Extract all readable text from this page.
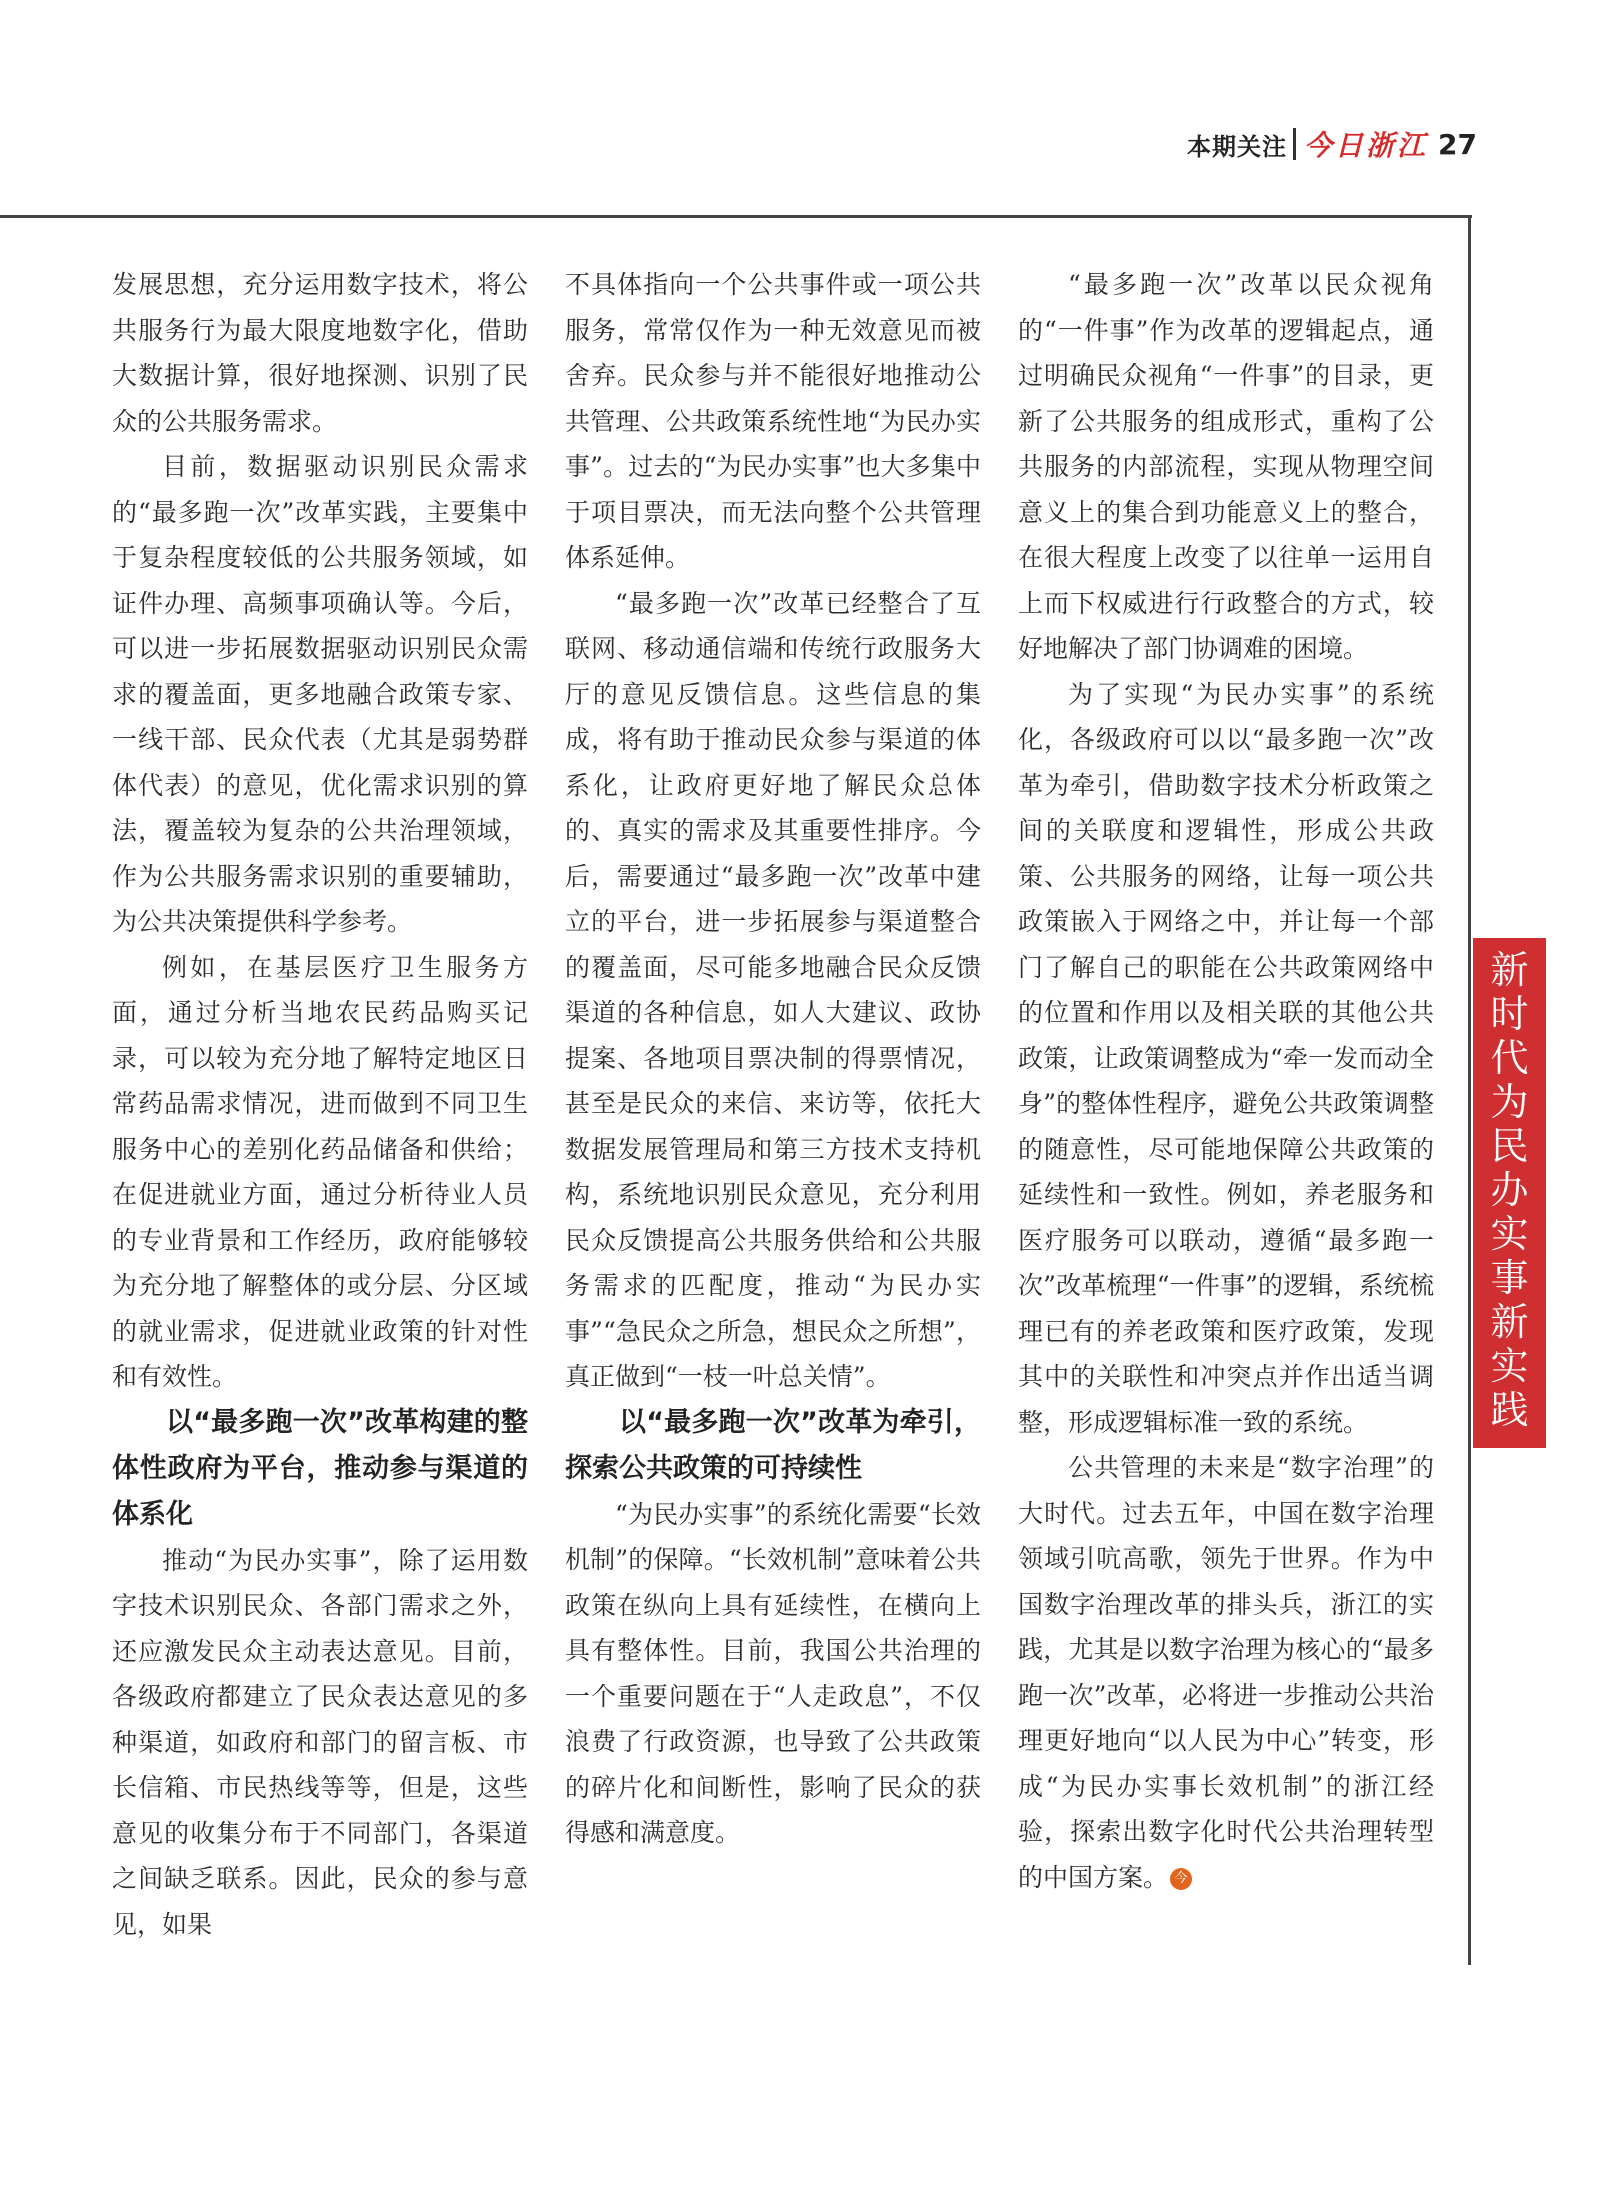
本期关注 今日浙江 27

发展思想，充分运用数字技术，将公共服务行为最大限度地数字化，借助大数据计算，很好地探测、识别了民众的公共服务需求。

目前，数据驱动识别民众需求的“最多跑一次”改革实践，主要集中于复杂程度较低的公共服务领域，如证件办理、高频事项确认等。今后，可以进一步拓展数据驱动识别民众需求的覆盖面，更多地融合政策专家、一线干部、民众代表（尤其是弱势群体代表）的意见，优化需求识别的算法，覆盖较为复杂的公共治理领域，作为公共服务需求识别的重要辅助，为公共决策提供科学参考。

例如，在基层医疗卫生服务方面，通过分析当地农民药品购买记录，可以较为充分地了解特定地区日常药品需求情况，进而做到不同卫生服务中心的差别化药品储备和供给；在促进就业方面，通过分析待业人员的专业背景和工作经历，政府能够较为充分地了解整体的或分层、分区域的就业需求，促进就业政策的针对性和有效性。

以“最多跑一次”改革构建的整体性政府为平台，推动参与渠道的体系化

推动“为民办实事”，除了运用数字技术识别民众、各部门需求之外，还应激发民众主动表达意见。目前，各级政府都建立了民众表达意见的多种渠道，如政府和部门的留言板、市长信箱、市民热线等等，但是，这些意见的收集分布于不同部门，各渠道之间缺乏联系。因此，民众的参与意见，如果

不具体指向一个公共事件或一项公共服务，常常仅作为一种无效意见而被舍弃。民众参与并不能很好地推动公共管理、公共政策系统性地“为民办实事”。过去的“为民办实事”也大多集中于项目票决，而无法向整个公共管理体系延伸。

“最多跑一次”改革已经整合了互联网、移动通信端和传统行政服务大厅的意见反馈信息。这些信息的集成，将有助于推动民众参与渠道的体系化，让政府更好地了解民众总体的、真实的需求及其重要性排序。今后，需要通过“最多跑一次”改革中建立的平台，进一步拓展参与渠道整合的覆盖面，尽可能多地融合民众反馈渠道的各种信息，如人大建议、政协提案、各地项目票决制的得票情况，甚至是民众的来信、来访等，依托大数据发展管理局和第三方技术支持机构，系统地识别民众意见，充分利用民众反馈提高公共服务供给和公共服务需求的匹配度，推动“为民办实事”“急民众之所急，想民众之所想”，真正做到“一枝一叶总关情”。

以“最多跑一次”改革为牵引，探索公共政策的可持续性

“为民办实事”的系统化需要“长效机制”的保障。“长效机制”意味着公共政策在纵向上具有延续性，在横向上具有整体性。目前，我国公共治理的一个重要问题在于“人走政息”，不仅浪费了行政资源，也导致了公共政策的碎片化和间断性，影响了民众的获得感和满意度。

“最多跑一次”改革以民众视角的“一件事”作为改革的逻辑起点，通过明确民众视角“一件事”的目录，更新了公共服务的组成形式，重构了公共服务的内部流程，实现从物理空间意义上的集合到功能意义上的整合，在很大程度上改变了以往单一运用自上而下权威进行行政整合的方式，较好地解决了部门协调难的困境。

为了实现“为民办实事”的系统化，各级政府可以以“最多跑一次”改革为牵引，借助数字技术分析政策之间的关联度和逻辑性，形成公共政策、公共服务的网络，让每一项公共政策嵌入于网络之中，并让每一个部门了解自己的职能在公共政策网络中的位置和作用以及相关联的其他公共政策，让政策调整成为“牵一发而动全身”的整体性程序，避免公共政策调整的随意性，尽可能地保障公共政策的延续性和一致性。例如，养老服务和医疗服务可以联动，遵循“最多跑一次”改革梳理“一件事”的逻辑，系统梳理已有的养老政策和医疗政策，发现其中的关联性和冲突点并作出适当调整，形成逻辑标准一致的系统。

公共管理的未来是“数字治理”的大时代。过去五年，中国在数字治理领域引吭高歌，领先于世界。作为中国数字治理改革的排头兵，浙江的实践，尤其是以数字治理为核心的“最多跑一次”改革，必将进一步推动公共治理更好地向“以人民为中心”转变，形成“为民办实事长效机制”的浙江经验，探索出数字化时代公共治理转型的中国方案。 今

新
时
代
为
民
办
实
事
新
实
践
